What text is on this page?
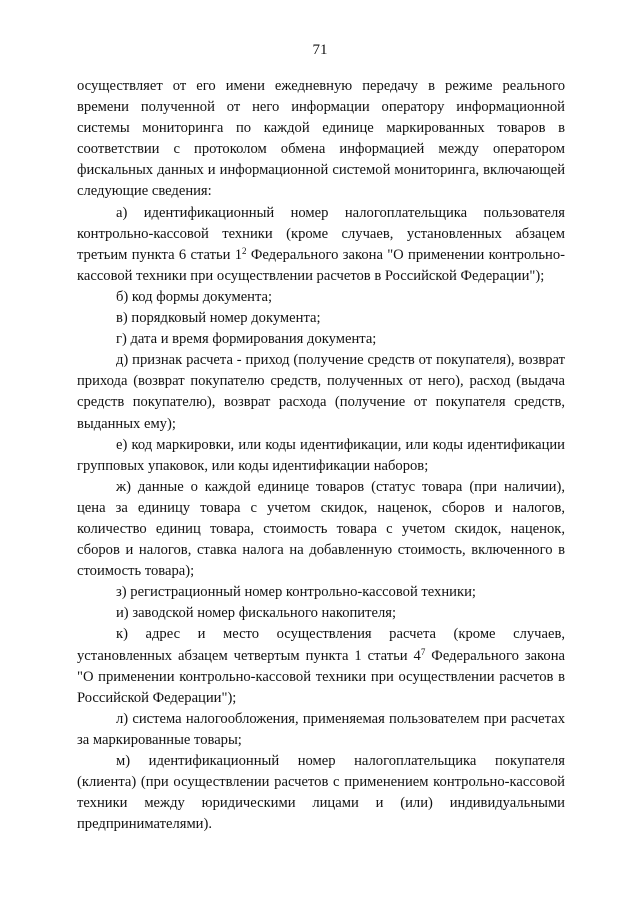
71

осуществляет от его имени ежедневную передачу в режиме реального времени полученной от него информации оператору информационной системы мониторинга по каждой единице маркированных товаров в соответствии с протоколом обмена информацией между оператором фискальных данных и информационной системой мониторинга, включающей следующие сведения:

а) идентификационный номер налогоплательщика пользователя контрольно-кассовой техники (кроме случаев, установленных абзацем третьим пункта 6 статьи $1^2$ Федерального закона "О применении контрольно-кассовой техники при осуществлении расчетов в Российской Федерации");

б) код формы документа;

в) порядковый номер документа;

г) дата и время формирования документа;

д) признак расчета - приход (получение средств от покупателя), возврат прихода (возврат покупателю средств, полученных от него), расход (выдача средств покупателю), возврат расхода (получение от покупателя средств, выданных ему);

е) код маркировки, или коды идентификации, или коды идентификации групповых упаковок, или коды идентификации наборов;

ж) данные о каждой единице товаров (статус товара (при наличии), цена за единицу товара с учетом скидок, наценок, сборов и налогов, количество единиц товара, стоимость товара с учетом скидок, наценок, сборов и налогов, ставка налога на добавленную стоимость, включенного в стоимость товара);

з) регистрационный номер контрольно-кассовой техники;

и) заводской номер фискального накопителя;

к) адрес и место осуществления расчета (кроме случаев, установленных абзацем четвертым пункта 1 статьи $4^7$ Федерального закона "О применении контрольно-кассовой техники при осуществлении расчетов в Российской Федерации");

л) система налогообложения, применяемая пользователем при расчетах за маркированные товары;

м) идентификационный номер налогоплательщика покупателя (клиента) (при осуществлении расчетов с применением контрольно-кассовой техники между юридическими лицами и (или) индивидуальными предпринимателями).
